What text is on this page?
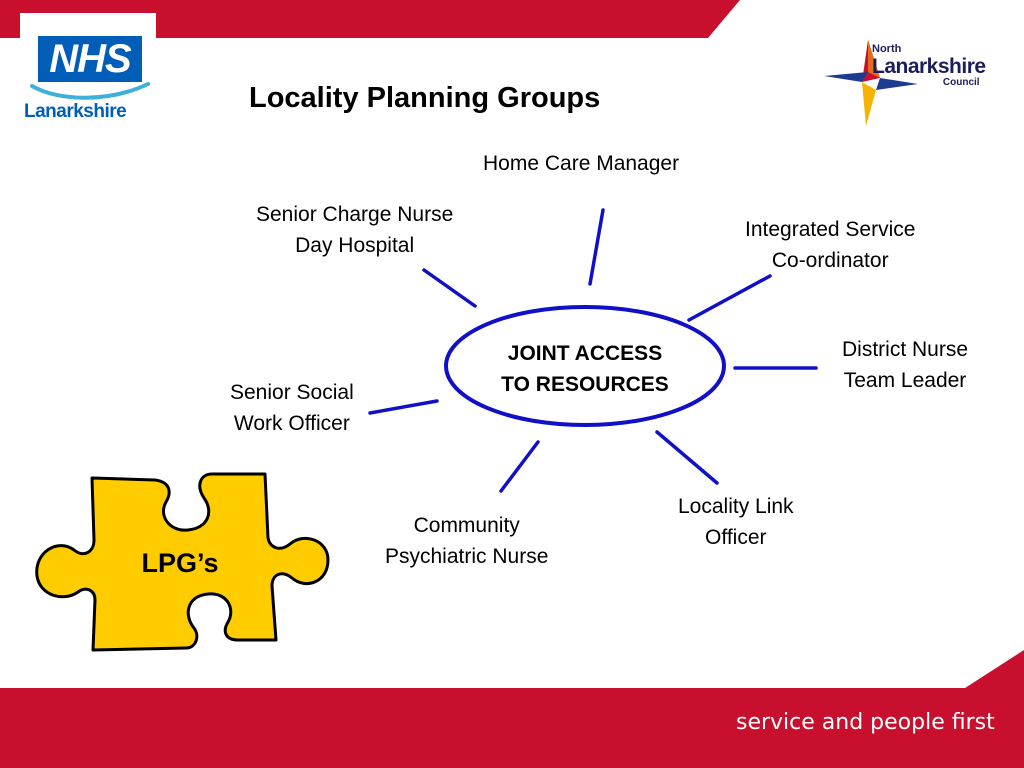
NHS
Lanarkshire	Locality Planning Groups
North
Lanarkshire
Council
JOINT ACCESS
TO RESOURCES
Home Care Manager
Integrated Service
Co-ordinator
District Nurse
Team Leader
Locality Link
Officer
Community
Psychiatric Nurse
Senior Social
Work Officer
Senior Charge Nurse
Day Hospital
LPG’s
service and people first
